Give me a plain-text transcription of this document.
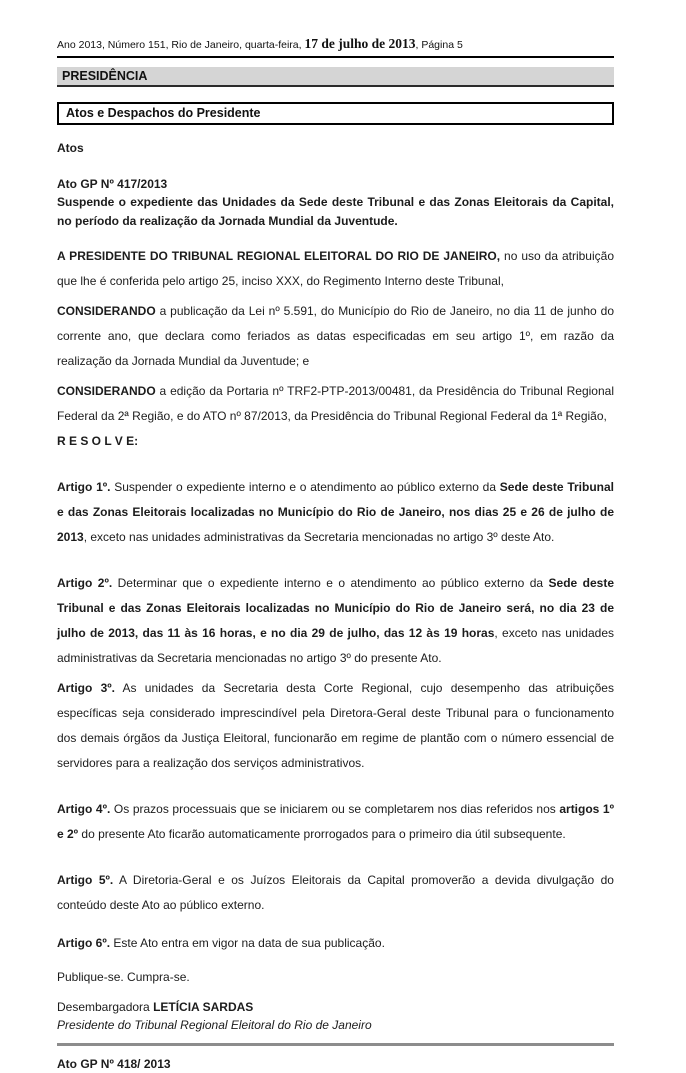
Ano 2013, Número 151, Rio de Janeiro, quarta-feira, 17 de julho de 2013, Página 5

PRESIDÊNCIA
Atos e Despachos do Presidente

Atos

Ato GP Nº 417/2013

Suspende o expediente das Unidades da Sede deste Tribunal e das Zonas Eleitorais da Capital, no período da realização da Jornada Mundial da Juventude.

A PRESIDENTE DO TRIBUNAL REGIONAL ELEITORAL DO RIO DE JANEIRO, no uso da atribuição que lhe é conferida pelo artigo 25, inciso XXX, do Regimento Interno deste Tribunal,

CONSIDERANDO a publicação da Lei nº 5.591, do Município do Rio de Janeiro, no dia 11 de junho do corrente ano, que declara como feriados as datas especificadas em seu artigo 1º, em razão da realização da Jornada Mundial da Juventude; e

CONSIDERANDO a edição da Portaria nº TRF2-PTP-2013/00481, da Presidência do Tribunal Regional Federal da 2ª Região, e do ATO nº 87/2013, da Presidência do Tribunal Regional Federal da 1ª Região,

R E S O L V E:

Artigo 1º. Suspender o expediente interno e o atendimento ao público externo da Sede deste Tribunal e das Zonas Eleitorais localizadas no Município do Rio de Janeiro, nos dias 25 e 26 de julho de 2013, exceto nas unidades administrativas da Secretaria mencionadas no artigo 3º deste Ato.

Artigo 2º. Determinar que o expediente interno e o atendimento ao público externo da Sede deste Tribunal e das Zonas Eleitorais localizadas no Município do Rio de Janeiro será, no dia 23 de julho de 2013, das 11 às 16 horas, e no dia 29 de julho, das 12 às 19 horas, exceto nas unidades administrativas da Secretaria mencionadas no artigo 3º do presente Ato.

Artigo 3º. As unidades da Secretaria desta Corte Regional, cujo desempenho das atribuições específicas seja considerado imprescindível pela Diretora-Geral deste Tribunal para o funcionamento dos demais órgãos da Justiça Eleitoral, funcionarão em regime de plantão com o número essencial de servidores para a realização dos serviços administrativos.

Artigo 4º. Os prazos processuais que se iniciarem ou se completarem nos dias referidos nos artigos 1º e 2º do presente Ato ficarão automaticamente prorrogados para o primeiro dia útil subsequente.

Artigo 5º. A Diretoria-Geral e os Juízos Eleitorais da Capital promoverão a devida divulgação do conteúdo deste Ato ao público externo.

Artigo 6º. Este Ato entra em vigor na data de sua publicação.

Publique-se. Cumpra-se.

Desembargadora LETÍCIA SARDAS

Presidente do Tribunal Regional Eleitoral do Rio de Janeiro

Ato GP Nº 418/ 2013
